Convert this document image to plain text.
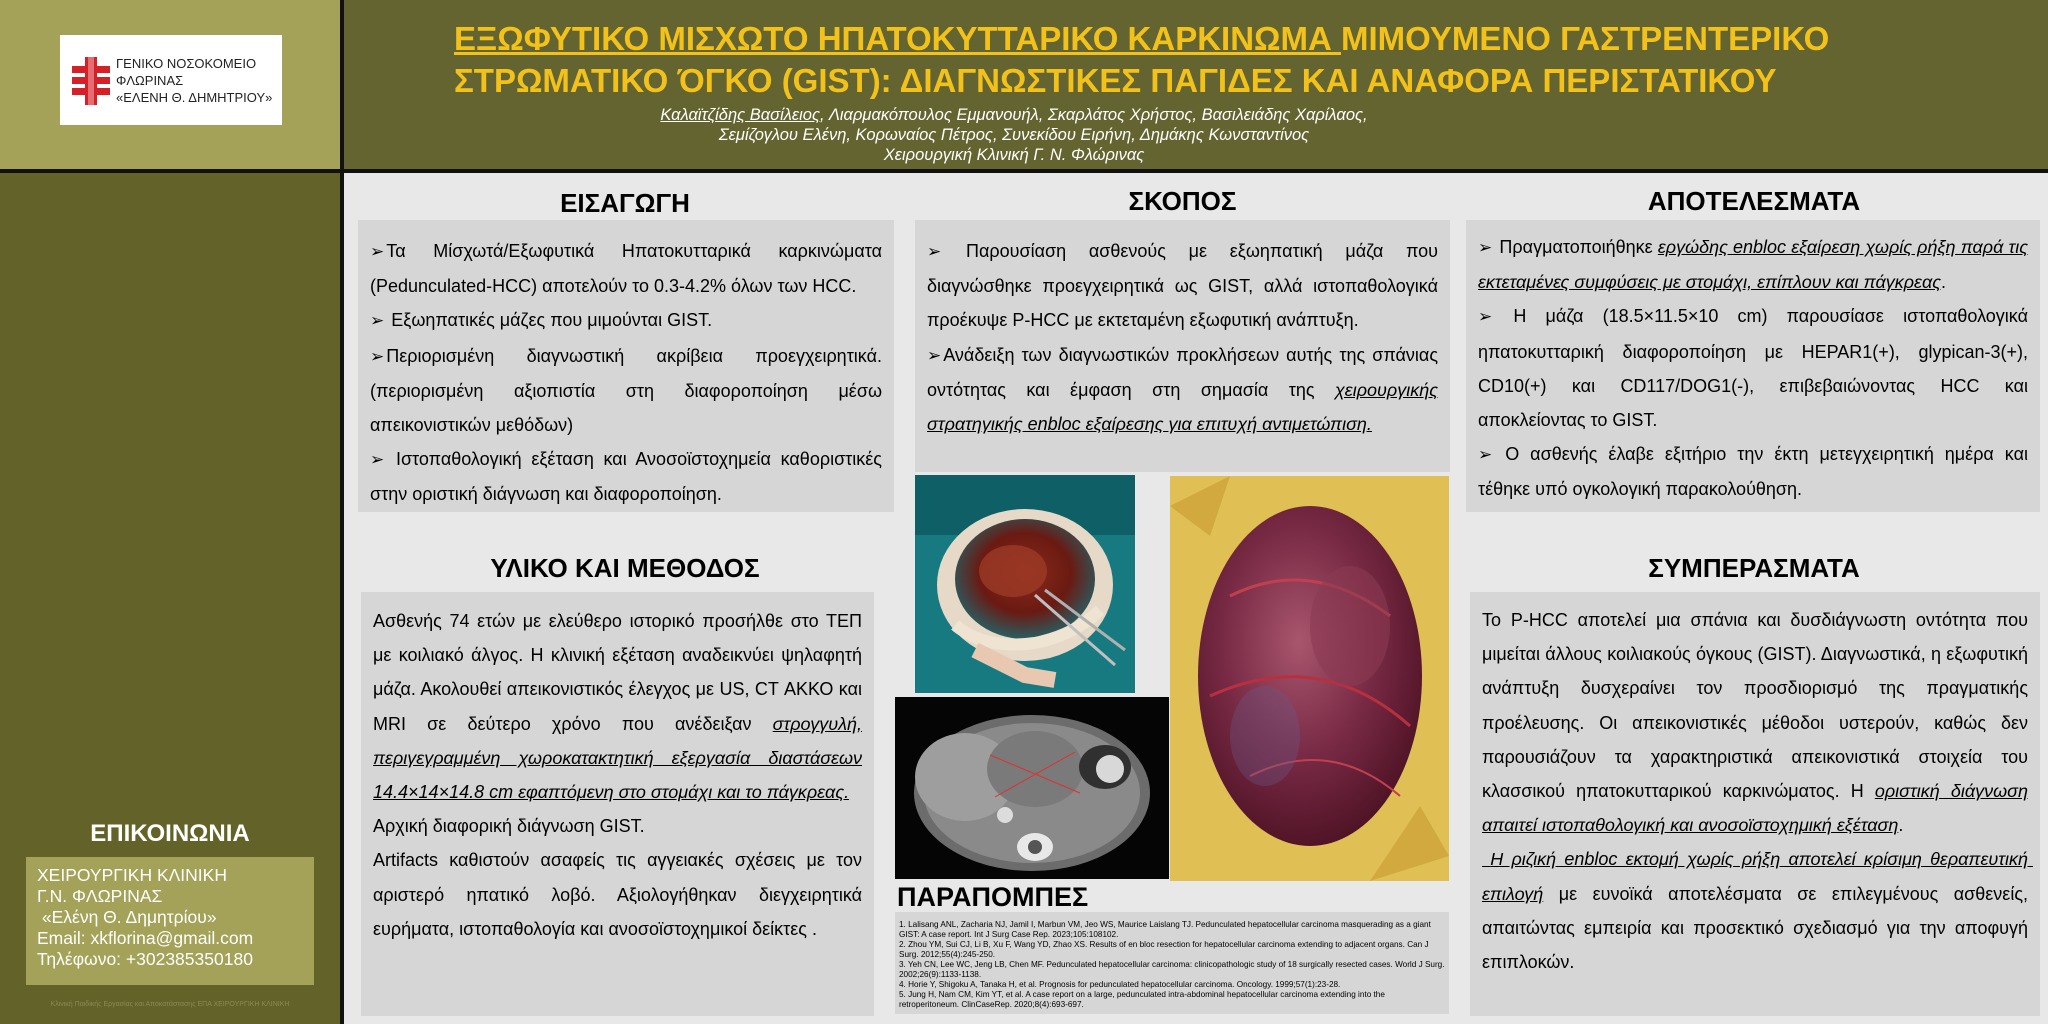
ΓΕΝΙΚΟ ΝΟΣΟΚΟΜΕΙΟ ΦΛΩΡΙΝΑΣ
«ΕΛΕΝΗ Θ. ΔΗΜΗΤΡΙΟΥ»
ΕΠΙΚΟΙΝΩΝΙΑ
ΧΕΙΡΟΥΡΓΙΚΗ ΚΛΙΝΙΚΗ
Γ.Ν. ΦΛΩΡΙΝΑΣ
«Ελένη Θ. Δημητρίου»
Email: xkflorina@gmail.com
Τηλέφωνο: +302385350180
Κλινική Παιδικής Εργασίας και Αποκατάστασης ΕΠΑ ΧΕΙΡΟΥΡΓΙΚΗ ΚΛΙΝΙΚΗ
ΕΞΩΦΥΤΙΚΟ ΜΙΣΧΩΤΟ ΗΠΑΤΟΚΥΤΤΑΡΙΚΟ ΚΑΡΚΙΝΩΜΑ ΜΙΜΟΥΜΕΝΟ ΓΑΣΤΡΕΝΤΕΡΙΚΟ ΣΤΡΩΜΑΤΙΚΟ ΌΓΚΟ (GIST): ΔΙΑΓΝΩΣΤΙΚΕΣ ΠΑΓΙΔΕΣ ΚΑΙ ΑΝΑΦΟΡΑ ΠΕΡΙΣΤΑΤΙΚΟΥ
Καλαϊτζίδης Βασίλειος, Λιαρμακόπουλος Εμμανουήλ, Σκαρλάτος Χρήστος, Βασιλειάδης Χαρίλαος,
Σεμίζογλου Ελένη, Κορωναίος Πέτρος, Συνεκίδου Ειρήνη, Δημάκης Κωνσταντίνος
Χειρουργική Κλινική Γ. Ν. Φλώρινας
ΕΙΣΑΓΩΓΗ

➢ Τα Μίσχωτά/Εξωφυτικά Ηπατοκυτταρικά καρκινώματα (Pedunculated-HCC) αποτελούν το 0.3-4.2% όλων των HCC.

➢ Εξωηπατικές μάζες που μιμούνται GIST.

➢ Περιορισμένη διαγνωστική ακρίβεια προεγχειρητικά. (περιορισμένη αξιοπιστία στη διαφοροποίηση μέσω απεικονιστικών μεθόδων)

➢ Ιστοπαθολογική εξέταση και Ανοσοϊστοχημεία καθοριστικές στην οριστική διάγνωση και διαφοροποίηση.

ΥΛΙΚΟ ΚΑΙ ΜΕΘΟΔΟΣ

Ασθενής 74 ετών με ελεύθερο ιστορικό προσήλθε στο ΤΕΠ με κοιλιακό άλγος. Η κλινική εξέταση αναδεικνύει ψηλαφητή μάζα. Ακολουθεί απεικονιστικός έλεγχος με US, CT ΑΚΚΟ και MRI σε δεύτερο χρόνο που ανέδειξαν στρογγυλή, περιγεγραμμένη χωροκατακτητική εξεργασία διαστάσεων 14.4×14×14.8 cm εφαπτόμενη στο στομάχι και το πάγκρεας.

Αρχική διαφορική διάγνωση GIST.

Artifacts καθιστούν ασαφείς τις αγγειακές σχέσεις με τον αριστερό ηπατικό λοβό. Αξιολογήθηκαν διεγχειρητικά ευρήματα, ιστοπαθολογία και ανοσοϊστοχημικοί δείκτες .

ΣΚΟΠΟΣ

➢ Παρουσίαση ασθενούς με εξωηπατική μάζα που διαγνώσθηκε προεγχειρητικά ως GIST, αλλά ιστοπαθολογικά προέκυψε P-HCC με εκτεταμένη εξωφυτική ανάπτυξη.

➢ Ανάδειξη των διαγνωστικών προκλήσεων αυτής της σπάνιας οντότητας και έμφαση στη σημασία της χειρουργικής στρατηγικής enbloc εξαίρεσης για επιτυχή αντιμετώπιση.

ΠΑΡΑΠΟΜΠΕΣ
1. Lalisang ANL, Zacharia NJ, Jamil I, Marbun VM, Jeo WS, Maurice Laislang TJ. Pedunculated hepatocellular carcinoma masquerading as a giant GIST: A case report. Int J Surg Case Rep. 2023;105:108102.
2. Zhou YM, Sui CJ, Li B, Xu F, Wang YD, Zhao XS. Results of en bloc resection for hepatocellular carcinoma extending to adjacent organs. Can J Surg. 2012;55(4):245-250.
3. Yeh CN, Lee WC, Jeng LB, Chen MF. Pedunculated hepatocellular carcinoma: clinicopathologic study of 18 surgically resected cases. World J Surg. 2002;26(9):1133-1138.
4. Horie Y, Shigoku A, Tanaka H, et al. Prognosis for pedunculated hepatocellular carcinoma. Oncology. 1999;57(1):23-28.
5. Jung H, Nam CM, Kim YT, et al. A case report on a large, pedunculated intra-abdominal hepatocellular carcinoma extending into the retroperitoneum. ClinCaseRep. 2020;8(4):693-697.
ΑΠΟΤΕΛΕΣΜΑΤΑ

➢ Πραγματοποιήθηκε εργώδης enbloc εξαίρεση χωρίς ρήξη παρά τις εκτεταμένες συμφύσεις με στομάχι, επίπλουν και πάγκρεας.

➢ Η μάζα (18.5×11.5×10 cm) παρουσίασε ιστοπαθολογικά ηπατοκυτταρική διαφοροποίηση με HEPAR1(+), glypican-3(+), CD10(+) και CD117/DOG1(-), επιβεβαιώνοντας HCC και αποκλείοντας το GIST.

➢ Ο ασθενής έλαβε εξιτήριο την έκτη μετεγχειρητική ημέρα και τέθηκε υπό ογκολογική παρακολούθηση.

ΣΥΜΠΕΡΑΣΜΑΤΑ

Το P-HCC αποτελεί μια σπάνια και δυσδιάγνωστη οντότητα που μιμείται άλλους κοιλιακούς όγκους (GIST). Διαγνωστικά, η εξωφυτική ανάπτυξη δυσχεραίνει τον προσδιορισμό της πραγματικής προέλευσης. Οι απεικονιστικές μέθοδοι υστερούν, καθώς δεν παρουσιάζουν τα χαρακτηριστικά απεικονιστικά στοιχεία του κλασσικού ηπατοκυτταρικού καρκινώματος. Η οριστική διάγνωση απαιτεί ιστοπαθολογική και ανοσοϊστοχημική εξέταση.

Η ριζική enbloc εκτομή χωρίς ρήξη αποτελεί κρίσιμη θεραπευτική επιλογή με ευνοϊκά αποτελέσματα σε επιλεγμένους ασθενείς, απαιτώντας εμπειρία και προσεκτικό σχεδιασμό για την αποφυγή επιπλοκών.
